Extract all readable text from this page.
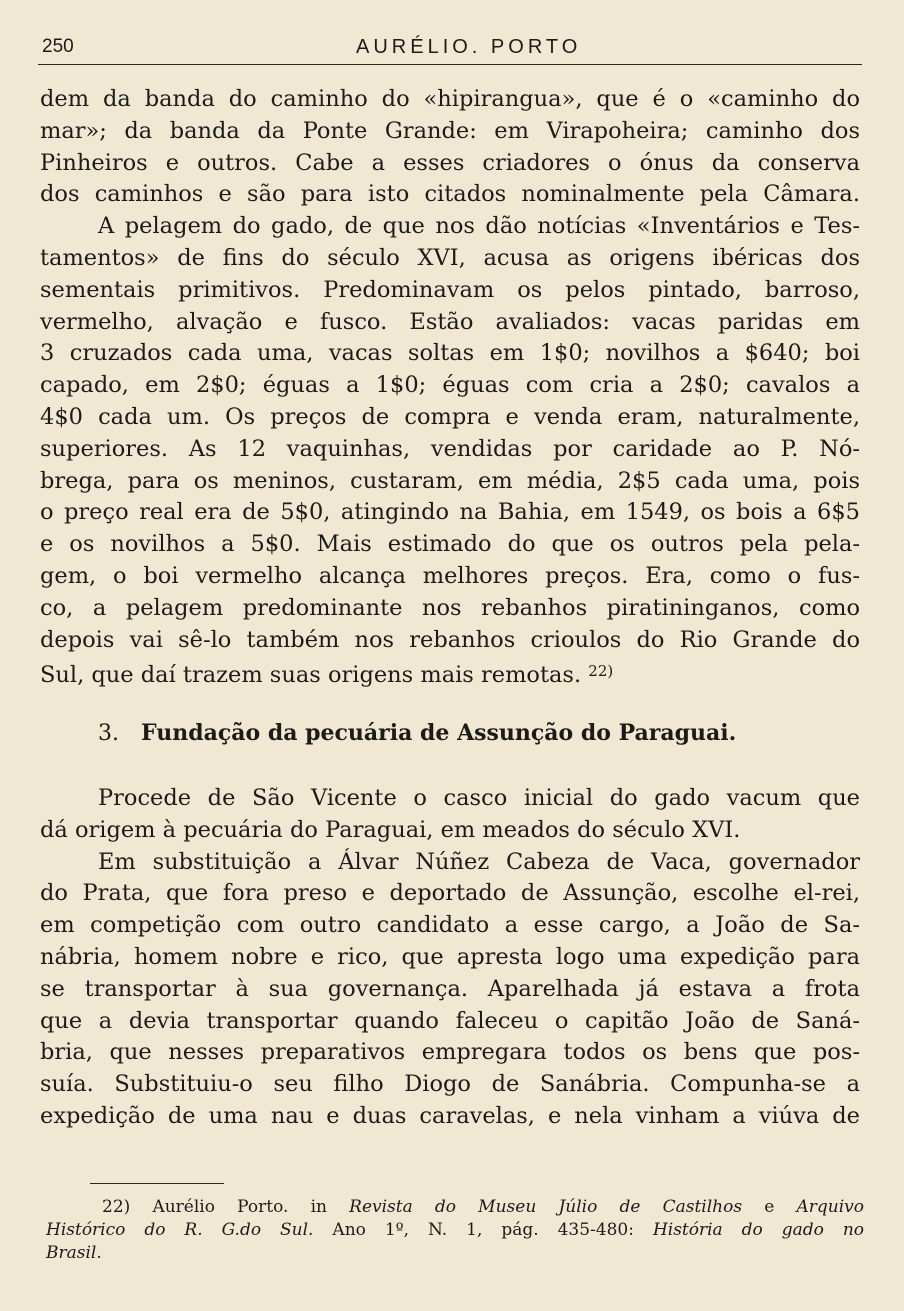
250	AURÉLIO. PORTO
dem da banda do caminho do «hipirangua», que é o «caminho do
mar»; da banda da Ponte Grande: em Virapoheira; caminho dos
Pinheiros e outros. Cabe a esses criadores o ónus da conserva
dos caminhos e são para isto citados nominalmente pela Câmara.
A pelagem do gado, de que nos dão notícias «Inventários e Tes-
tamentos» de fins do século XVI, acusa as origens ibéricas dos
sementais primitivos. Predominavam os pelos pintado, barroso,
vermelho, alvação e fusco. Estão avaliados: vacas paridas em
3 cruzados cada uma, vacas soltas em 1$0; novilhos a $640; boi
capado, em 2$0; éguas a 1$0; éguas com cria a 2$0; cavalos a
4$0 cada um. Os preços de compra e venda eram, naturalmente,
superiores. As 12 vaquinhas, vendidas por caridade ao P. Nó-
brega, para os meninos, custaram, em média, 2$5 cada uma, pois
o preço real era de 5$0, atingindo na Bahia, em 1549, os bois a 6$5
e os novilhos a 5$0. Mais estimado do que os outros pela pela-
gem, o boi vermelho alcança melhores preços. Era, como o fus-
co, a pelagem predominante nos rebanhos piratininganos, como
depois vai sê-lo também nos rebanhos crioulos do Rio Grande do
Sul, que daí trazem suas origens mais remotas. $^{22)}$
3. Fundação da pecuária de Assunção do Paraguai.
Procede de São Vicente o casco inicial do gado vacum que
dá origem à pecuária do Paraguai, em meados do século XVI.
Em substituição a Álvar Núñez Cabeza de Vaca, governador
do Prata, que fora preso e deportado de Assunção, escolhe el-rei,
em competição com outro candidato a esse cargo, a João de Sa-
nábria, homem nobre e rico, que apresta logo uma expedição para
se transportar à sua governança. Aparelhada já estava a frota
que a devia transportar quando faleceu o capitão João de Saná-
bria, que nesses preparativos empregara todos os bens que pos-
suía. Substituiu-o seu filho Diogo de Sanábria. Compunha-se a
expedição de uma nau e duas caravelas, e nela vinham a viúva de
22) Aurélio Porto. in Revista do Museu Júlio de Castilhos e Arquivo
Histórico do R. G.do Sul. Ano 1º, N. 1, pág. 435-480: História do gado no
Brasil.
